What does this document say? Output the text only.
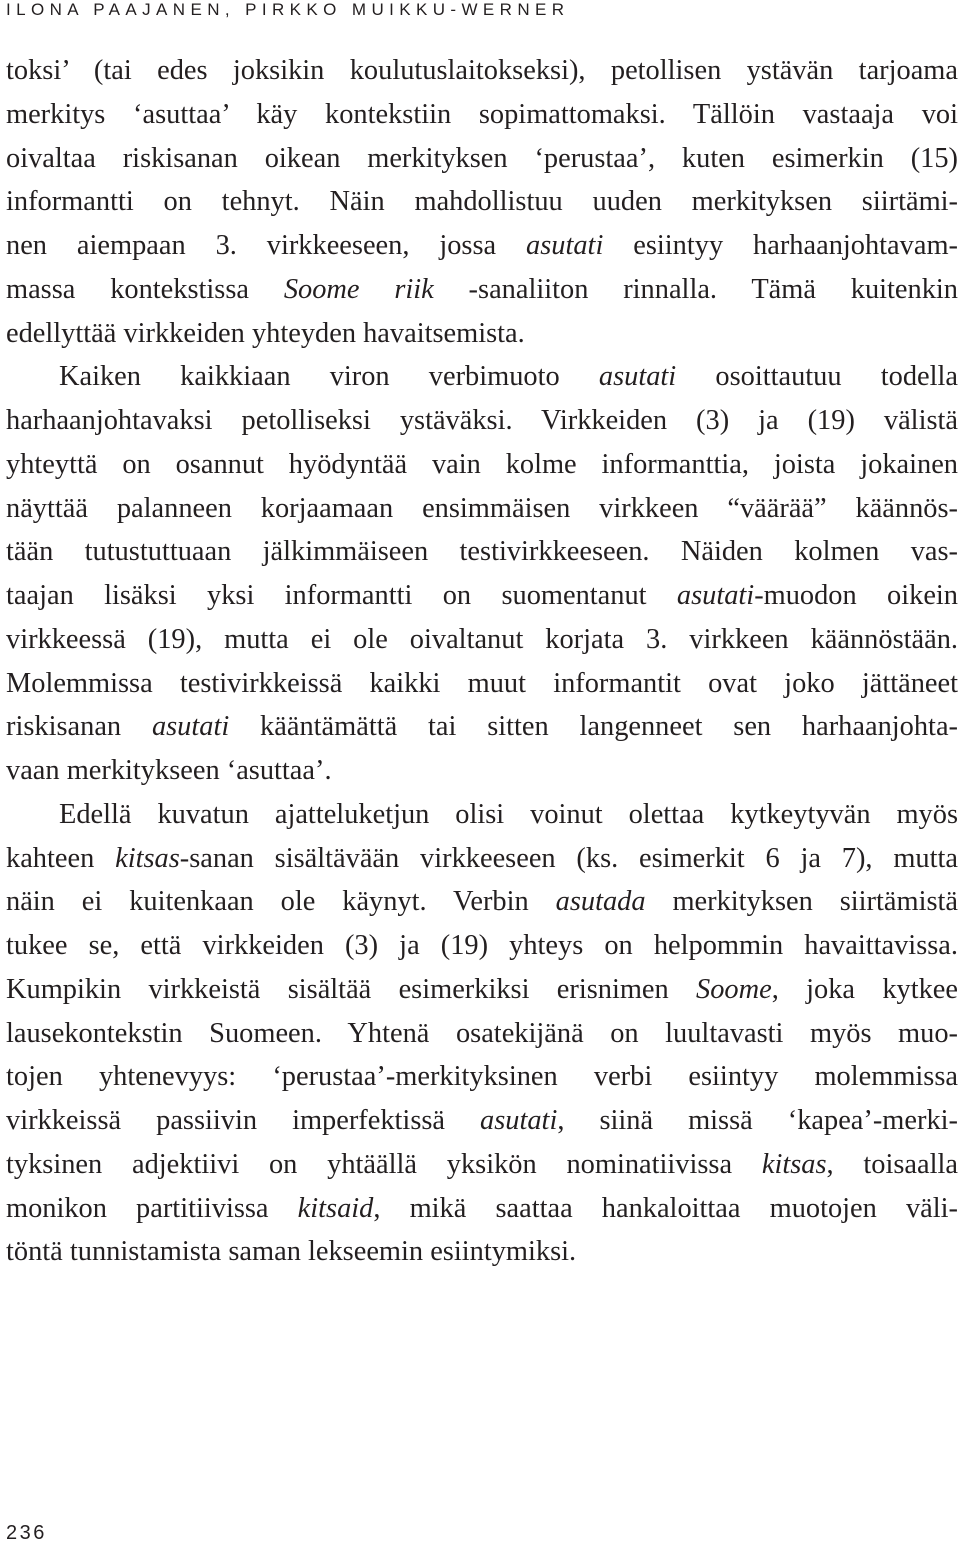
ILONA PAAJANEN, PIRKKO MUIKKU-WERNER
toksi’ (tai edes joksikin koulutuslaitokseksi), petollisen ystävän tarjoama
merkitys ‘asuttaa’ käy kontekstiin sopimattomaksi. Tällöin vastaaja voi
oivaltaa riskisanan oikean merkityksen ‘perustaa’, kuten esimerkin (15)
informantti on tehnyt. Näin mahdollistuu uuden merkityksen siirtämi-
nen aiempaan 3. virkkeeseen, jossa asutati esiintyy harhaanjohtavam-
massa kontekstissa Soome riik -sanaliiton rinnalla. Tämä kuitenkin
edellyttää virkkeiden yhteyden havaitsemista.
Kaiken kaikkiaan viron verbimuoto asutati osoittautuu todella
harhaanjohtavaksi petolliseksi ystäväksi. Virkkeiden (3) ja (19) välistä
yhteyttä on osannut hyödyntää vain kolme informanttia, joista jokainen
näyttää palanneen korjaamaan ensimmäisen virkkeen “väärää” käännös-
tään tutustuttuaan jälkimmäiseen testivirkkeeseen. Näiden kolmen vas-
taajan lisäksi yksi informantti on suomentanut asutati-muodon oikein
virkkeessä (19), mutta ei ole oivaltanut korjata 3. virkkeen käännöstään.
Molemmissa testivirkkeissä kaikki muut informantit ovat joko jättäneet
riskisanan asutati kääntämättä tai sitten langenneet sen harhaanjohta-
vaan merkitykseen ‘asuttaa’.
Edellä kuvatun ajatteluketjun olisi voinut olettaa kytkeytyvän myös
kahteen kitsas-sanan sisältävään virkkeeseen (ks. esimerkit 6 ja 7), mutta
näin ei kuitenkaan ole käynyt. Verbin asutada merkityksen siirtämistä
tukee se, että virkkeiden (3) ja (19) yhteys on helpommin havaittavissa.
Kumpikin virkkeistä sisältää esimerkiksi erisnimen Soome, joka kytkee
lausekontekstin Suomeen. Yhtenä osatekijänä on luultavasti myös muo-
tojen yhtenevyys: ‘perustaa’-merkityksinen verbi esiintyy molemmissa
virkkeissä passiivin imperfektissä asutati, siinä missä ‘kapea’-merki-
tyksinen adjektiivi on yhtäällä yksikön nominatiivissa kitsas, toisaalla
monikon partitiivissa kitsaid, mikä saattaa hankaloittaa muotojen väli-
töntä tunnistamista saman lekseemin esiintymiksi.
236
